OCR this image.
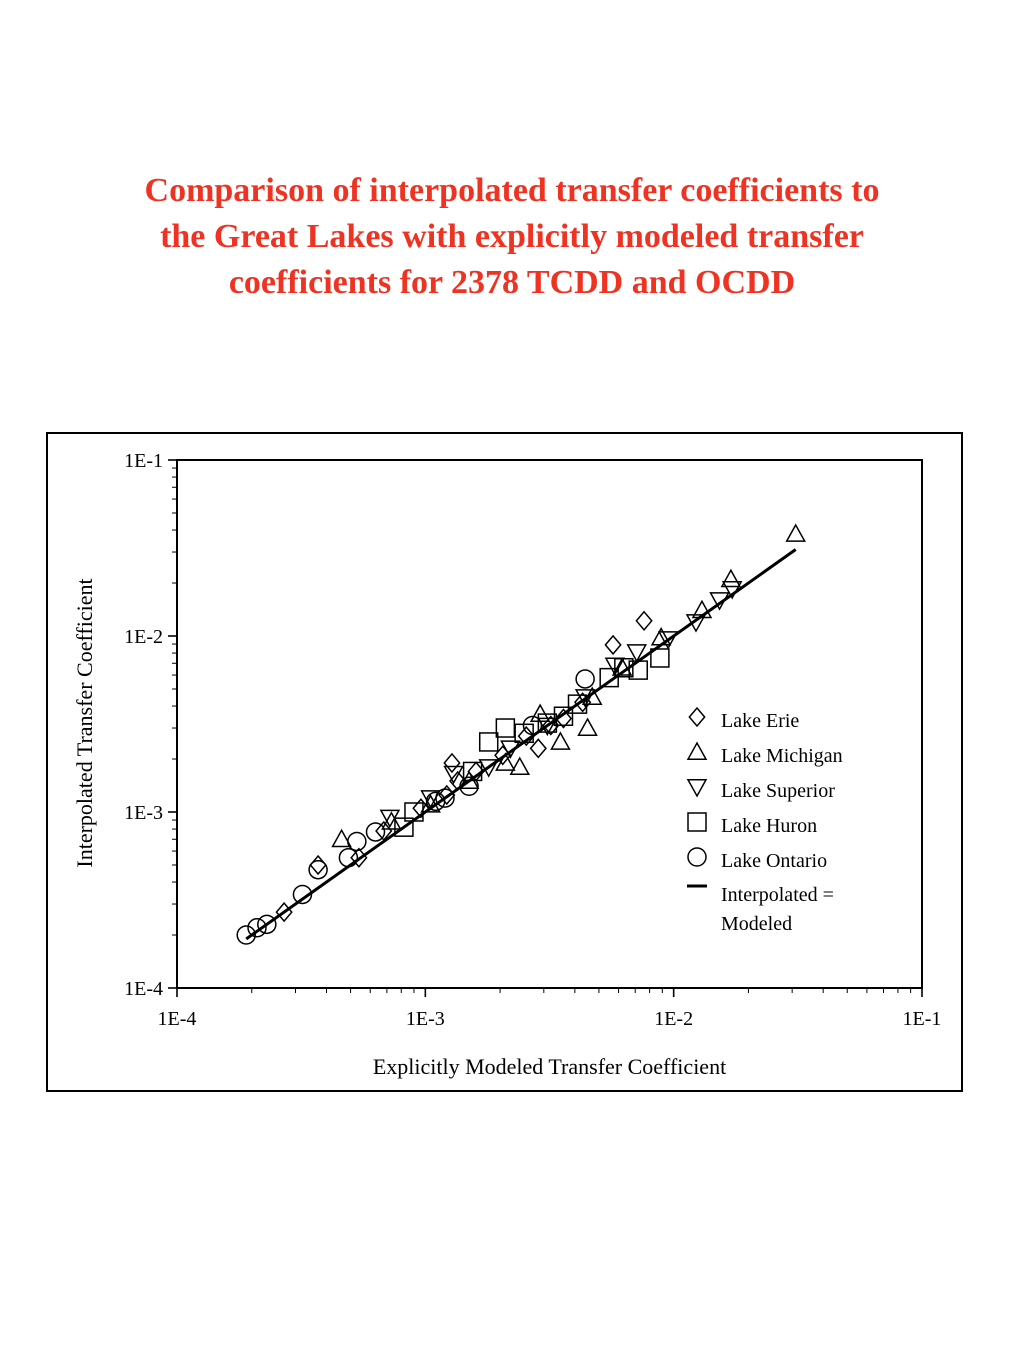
Comparison of interpolated transfer coefficients to
the Great Lakes with explicitly modeled transfer
coefficients for 2378 TCDD and OCDD
1E-4	1E-3	1E-2	1E-1
1E-4
1E-3
1E-2
1E-1
Explicitly Modeled Transfer Coefficient
Interpolated Transfer Coefficient	Lake Erie
Lake Michigan
Lake Superior
Lake Huron
Lake Ontario
Interpolated =
Modeled
